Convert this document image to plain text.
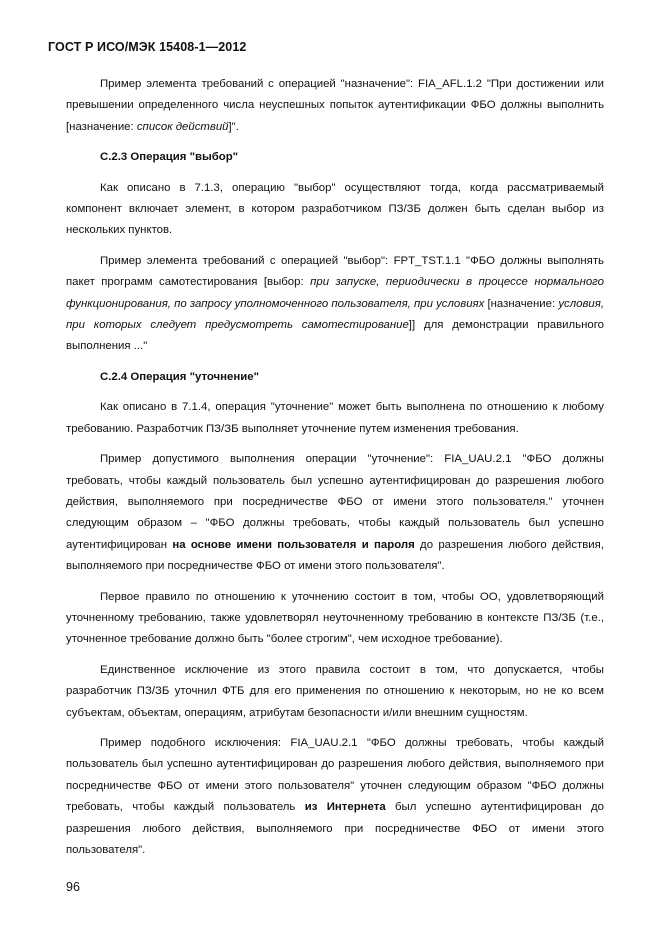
ГОСТ Р ИСО/МЭК 15408-1—2012

Пример элемента требований с операцией "назначение": FIA_AFL.1.2 "При достижении или превышении определенного числа неуспешных попыток аутентификации ФБО должны выполнить [назначение: список действий]".

C.2.3 Операция "выбор"

Как описано в 7.1.3, операцию "выбор" осуществляют тогда, когда рассматриваемый компонент включает элемент, в котором разработчиком ПЗ/ЗБ должен быть сделан выбор из нескольких пунктов.

Пример элемента требований с операцией "выбор": FPT_TST.1.1 "ФБО должны выполнять пакет программ самотестирования [выбор: при запуске, периодически в процессе нормального функционирования, по запросу уполномоченного пользователя, при условиях [назначение: условия, при которых следует предусмотреть самотестирование]] для демонстрации правильного выполнения ..."

C.2.4 Операция "уточнение"

Как описано в 7.1.4, операция "уточнение" может быть выполнена по отношению к любому требованию. Разработчик ПЗ/ЗБ выполняет уточнение путем изменения требования.

Пример допустимого выполнения операции "уточнение": FIA_UAU.2.1 "ФБО должны требовать, чтобы каждый пользователь был успешно аутентифицирован до разрешения любого действия, выполняемого при посредничестве ФБО от имени этого пользователя." уточнен следующим образом – "ФБО должны требовать, чтобы каждый пользователь был успешно аутентифицирован на основе имени пользователя и пароля до разрешения любого действия, выполняемого при посредничестве ФБО от имени этого пользователя".

Первое правило по отношению к уточнению состоит в том, чтобы ОО, удовлетворяющий уточненному требованию, также удовлетворял неуточненному требованию в контексте ПЗ/ЗБ (т.е., уточненное требование должно быть "более строгим", чем исходное требование).

Единственное исключение из этого правила состоит в том, что допускается, чтобы разработчик ПЗ/ЗБ уточнил ФТБ для его применения по отношению к некоторым, но не ко всем субъектам, объектам, операциям, атрибутам безопасности и/или внешним сущностям.

Пример подобного исключения: FIA_UAU.2.1 "ФБО должны требовать, чтобы каждый пользователь был успешно аутентифицирован до разрешения любого действия, выполняемого при посредничестве ФБО от имени этого пользователя" уточнен следующим образом "ФБО должны требовать, чтобы каждый пользователь из Интернета был успешно аутентифицирован до разрешения любого действия, выполняемого при посредничестве ФБО от имени этого пользователя".

96
